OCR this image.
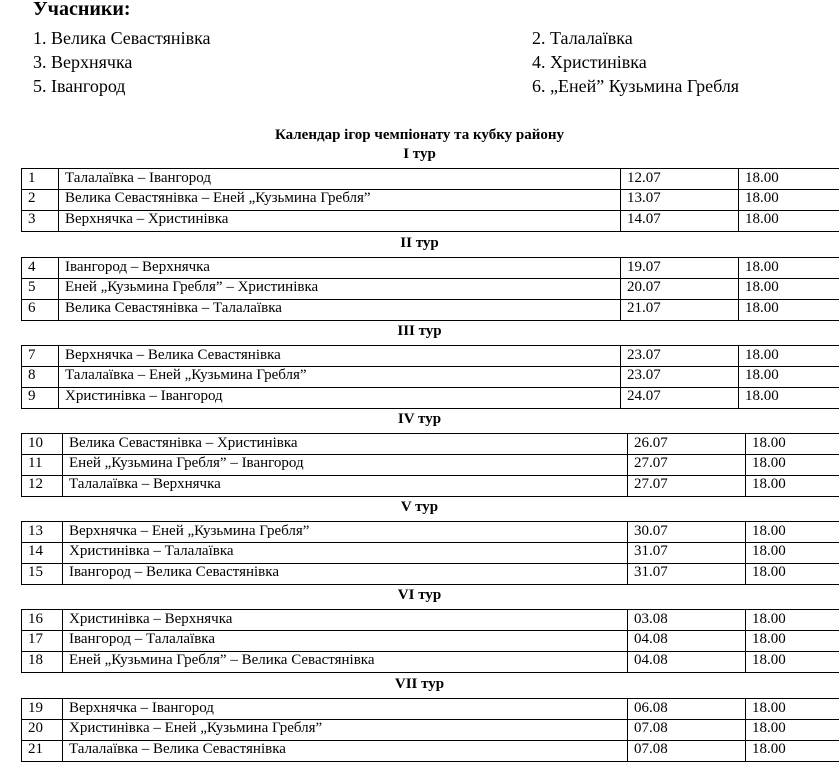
Учасники:
1. Велика Севастянівка	2. Талалаївка
3. Верхнячка	4. Христинівка
5. Івангород	6. „Еней” Кузьмина Гребля
Календар ігор чемпіонату та кубку району
I тур
1	Талалаївка – Івангород	12.07	18.00
2	Велика Севастянівка – Еней „Кузьмина Гребля”	13.07	18.00
3	Верхнячка – Христинівка	14.07	18.00
II тур
4	Івангород – Верхнячка	19.07	18.00
5	Еней „Кузьмина Гребля” – Христинівка	20.07	18.00
6	Велика Севастянівка – Талалаївка	21.07	18.00
III тур
7	Верхнячка – Велика Севастянівка	23.07	18.00
8	Талалаївка – Еней „Кузьмина Гребля”	23.07	18.00
9	Христинівка – Івангород	24.07	18.00
IV тур
10	Велика Севастянівка – Христинівка	26.07	18.00
11	Еней „Кузьмина Гребля” – Івангород	27.07	18.00
12	Талалаївка – Верхнячка	27.07	18.00
V тур
13	Верхнячка – Еней „Кузьмина Гребля”	30.07	18.00
14	Христинівка – Талалаївка	31.07	18.00
15	Івангород – Велика Севастянівка	31.07	18.00
VI тур
16	Христинівка – Верхнячка	03.08	18.00
17	Івангород – Талалаївка	04.08	18.00
18	Еней „Кузьмина Гребля” – Велика Севастянівка	04.08	18.00
VII тур
19	Верхнячка – Івангород	06.08	18.00
20	Христинівка – Еней „Кузьмина Гребля”	07.08	18.00
21	Талалаївка – Велика Севастянівка	07.08	18.00
